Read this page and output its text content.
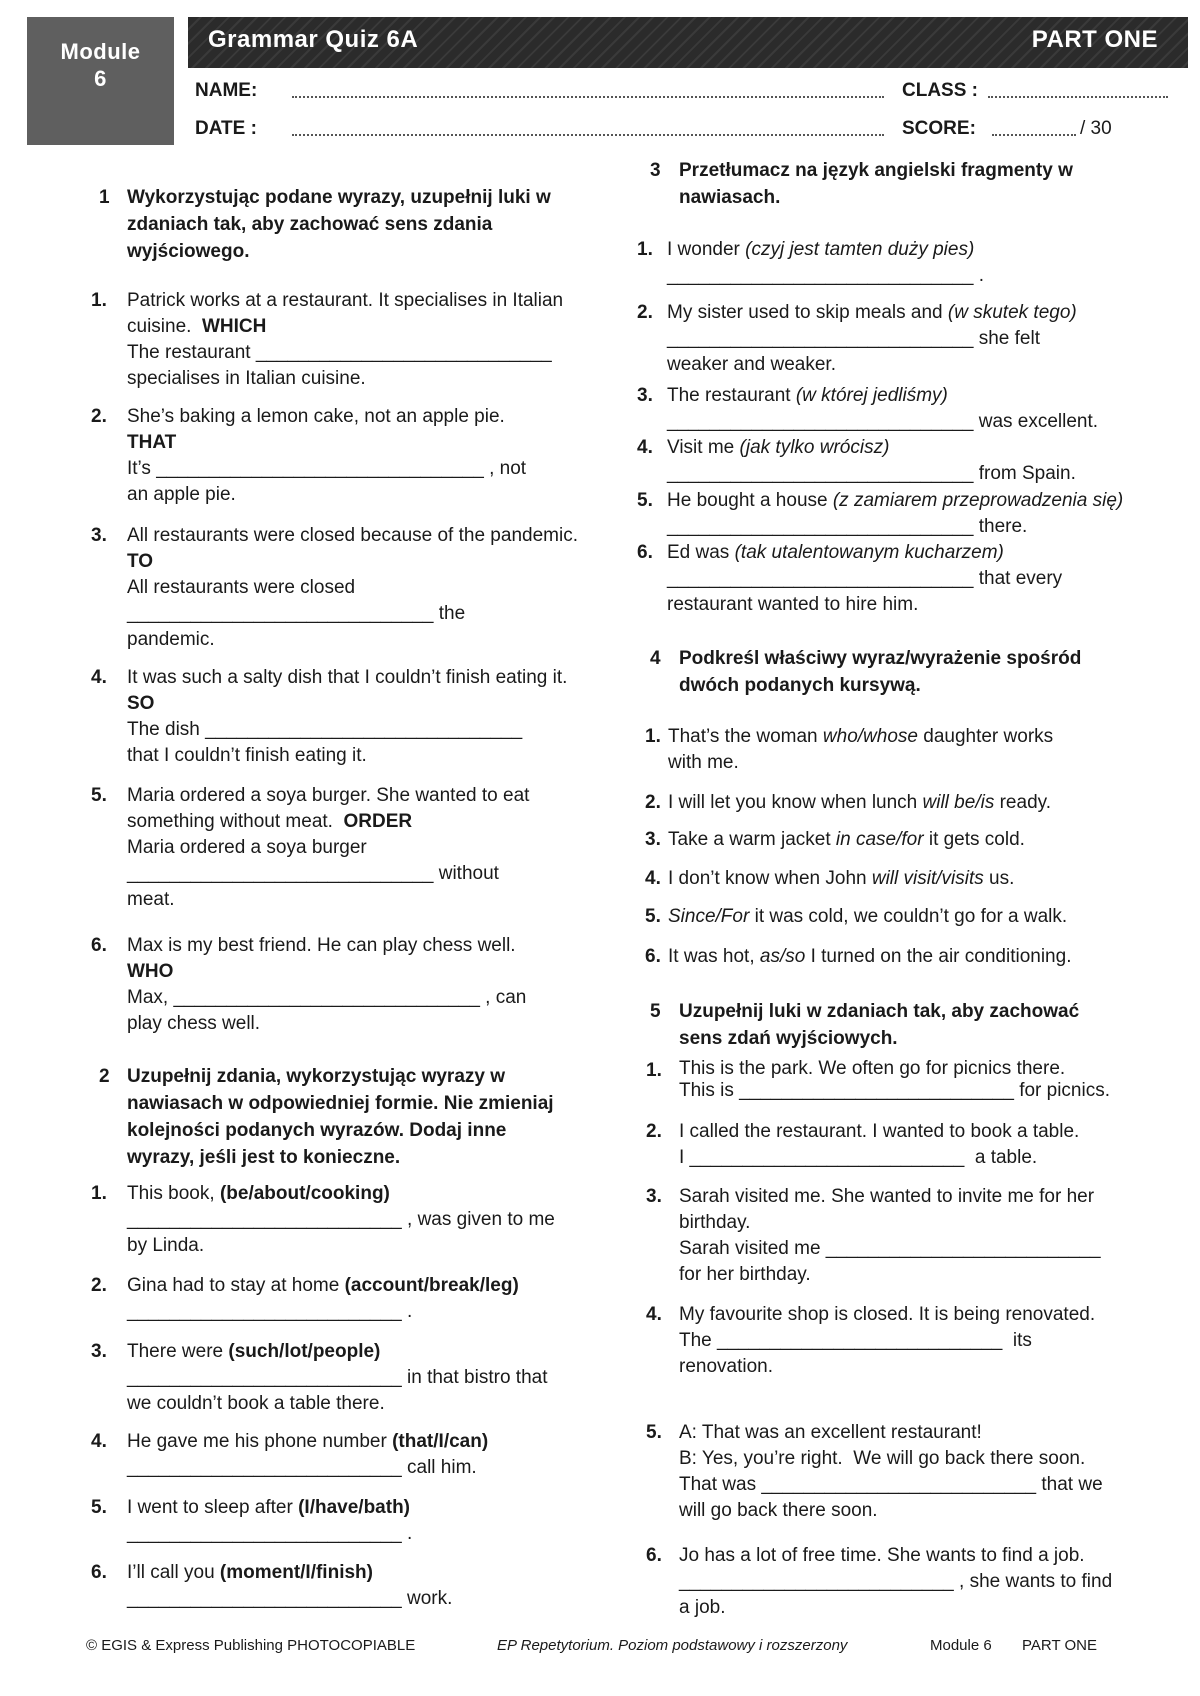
Module
6
Grammar Quiz 6A	PART ONE
NAME:	CLASS :
DATE :	SCORE:	/ 30
1 Wykorzystując podane wyrazy, uzupełnij luki w zdaniach tak, aby zachować sens zdania wyjściowego.
1. Patrick works at a restaurant. It specialises in Italian cuisine.  WHICH
The restaurant ____________________________
specialises in Italian cuisine.
2. She’s baking a lemon cake, not an apple pie.
THAT
It’s _______________________________ , not
an apple pie.
3. All restaurants were closed because of the pandemic.  TO
All restaurants were closed
_____________________________ the
pandemic.
4. It was such a salty dish that I couldn’t finish eating it.  SO
The dish ______________________________
that I couldn’t finish eating it.
5. Maria ordered a soya burger. She wanted to eat something without meat.  ORDER
Maria ordered a soya burger
_____________________________ without
meat.
6. Max is my best friend. He can play chess well.
WHO
Max, _____________________________ , can
play chess well.
2 Uzupełnij zdania, wykorzystując wyrazy w nawiasach w odpowiedniej formie. Nie zmieniaj kolejności podanych wyrazów. Dodaj inne wyrazy, jeśli jest to konieczne.
1. This book, (be/about/cooking)
__________________________ , was given to me
by Linda.
2. Gina had to stay at home (account/break/leg)
__________________________ .
3. There were (such/lot/people)
__________________________ in that bistro that
we couldn’t book a table there.
4. He gave me his phone number (that/I/can)
__________________________ call him.
5. I went to sleep after (I/have/bath)
__________________________ .
6. I’ll call you (moment/I/finish)
__________________________ work.
3 Przetłumacz na język angielski fragmenty w nawiasach.
1. I wonder (czyj jest tamten duży pies)
_____________________________ .
2. My sister used to skip meals and (w skutek tego)
_____________________________ she felt
weaker and weaker.
3. The restaurant (w której jedliśmy)
_____________________________ was excellent.
4. Visit me (jak tylko wrócisz)
_____________________________ from Spain.
5. He bought a house (z zamiarem przeprowadzenia się) _____________________________ there.
6. Ed was (tak utalentowanym kucharzem)
_____________________________ that every
restaurant wanted to hire him.
4 Podkreśl właściwy wyraz/wyrażenie spośród dwóch podanych kursywą.
1. That’s the woman who/whose daughter works
with me.
2. I will let you know when lunch will be/is ready.
3. Take a warm jacket in case/for it gets cold.
4. I don’t know when John will visit/visits us.
5. Since/For it was cold, we couldn’t go for a walk.
6. It was hot, as/so I turned on the air conditioning.
5 Uzupełnij luki w zdaniach tak, aby zachować sens zdań wyjściowych.
1. This is the park. We often go for picnics there.
This is __________________________ for picnics.
2. I called the restaurant. I wanted to book a table.
I __________________________  a table.
3. Sarah visited me. She wanted to invite me for her birthday.
Sarah visited me __________________________
for her birthday.
4. My favourite shop is closed. It is being renovated.
The ___________________________  its
renovation.
5. A: That was an excellent restaurant!
B: Yes, you’re right.  We will go back there soon.
That was __________________________ that we
will go back there soon.
6. Jo has a lot of free time. She wants to find a job.
__________________________ , she wants to find
a job.
© EGIS & Express Publishing PHOTOCOPIABLE	EP Repetytorium. Poziom podstawowy i rozszerzony	Module 6 PART ONE
